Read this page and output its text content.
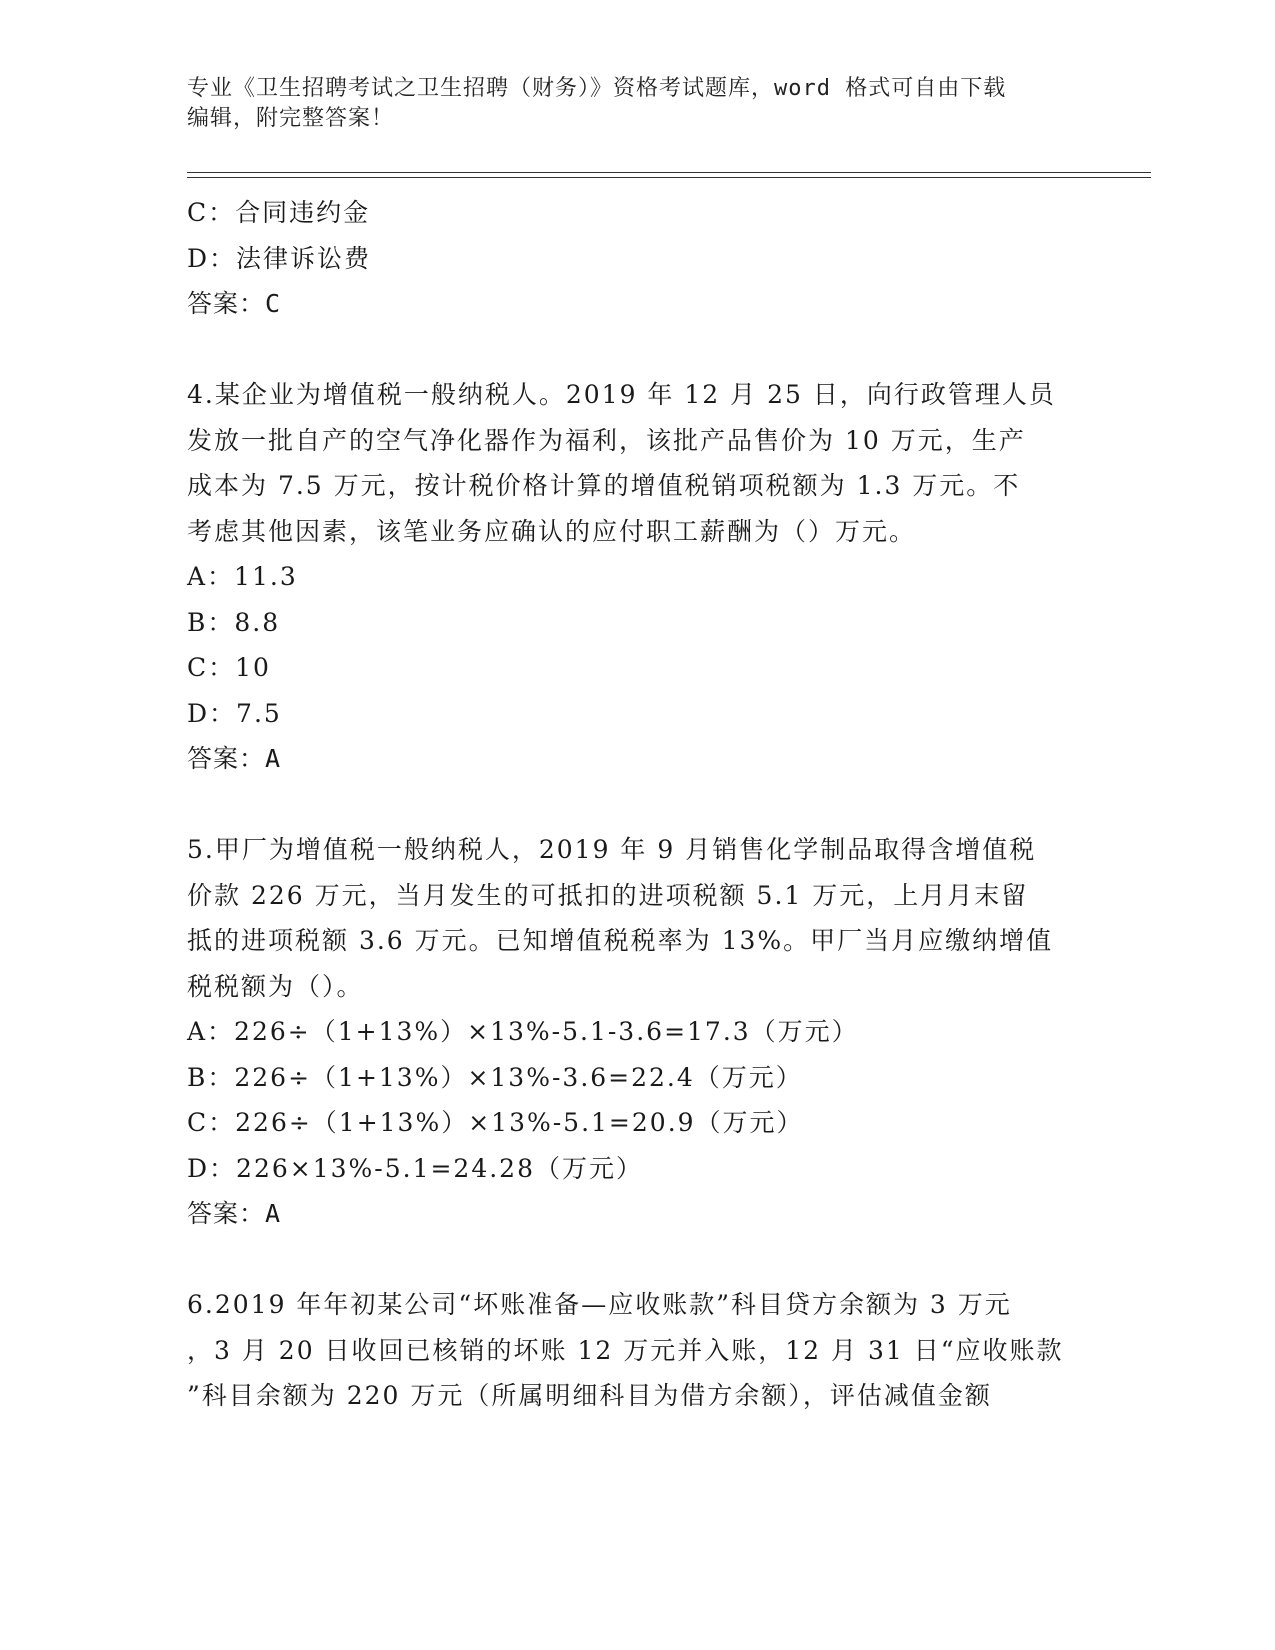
专业《卫生招聘考试之卫生招聘（财务）》资格考试题库，word 格式可自由下载
编辑，附完整答案！
C：合同违约金
D：法律诉讼费
答案：C
4.某企业为增值税一般纳税人。2019 年 12 月 25 日，向行政管理人员
发放一批自产的空气净化器作为福利，该批产品售价为 10 万元，生产
成本为 7.5 万元，按计税价格计算的增值税销项税额为 1.3 万元。不
考虑其他因素，该笔业务应确认的应付职工薪酬为（）万元。
A：11.3
B：8.8
C：10
D：7.5
答案：A
5.甲厂为增值税一般纳税人，2019 年 9 月销售化学制品取得含增值税
价款 226 万元，当月发生的可抵扣的进项税额 5.1 万元，上月月末留
抵的进项税额 3.6 万元。已知增值税税率为 13%。甲厂当月应缴纳增值
税税额为（）。
A：226÷（1+13%）×13%-5.1-3.6=17.3（万元）
B：226÷（1+13%）×13%-3.6=22.4（万元）
C：226÷（1+13%）×13%-5.1=20.9（万元）
D：226×13%-5.1=24.28（万元）
答案：A
6.2019 年年初某公司“坏账准备—应收账款”科目贷方余额为 3 万元
，3 月 20 日收回已核销的坏账 12 万元并入账，12 月 31 日“应收账款
”科目余额为 220 万元（所属明细科目为借方余额），评估减值金额
